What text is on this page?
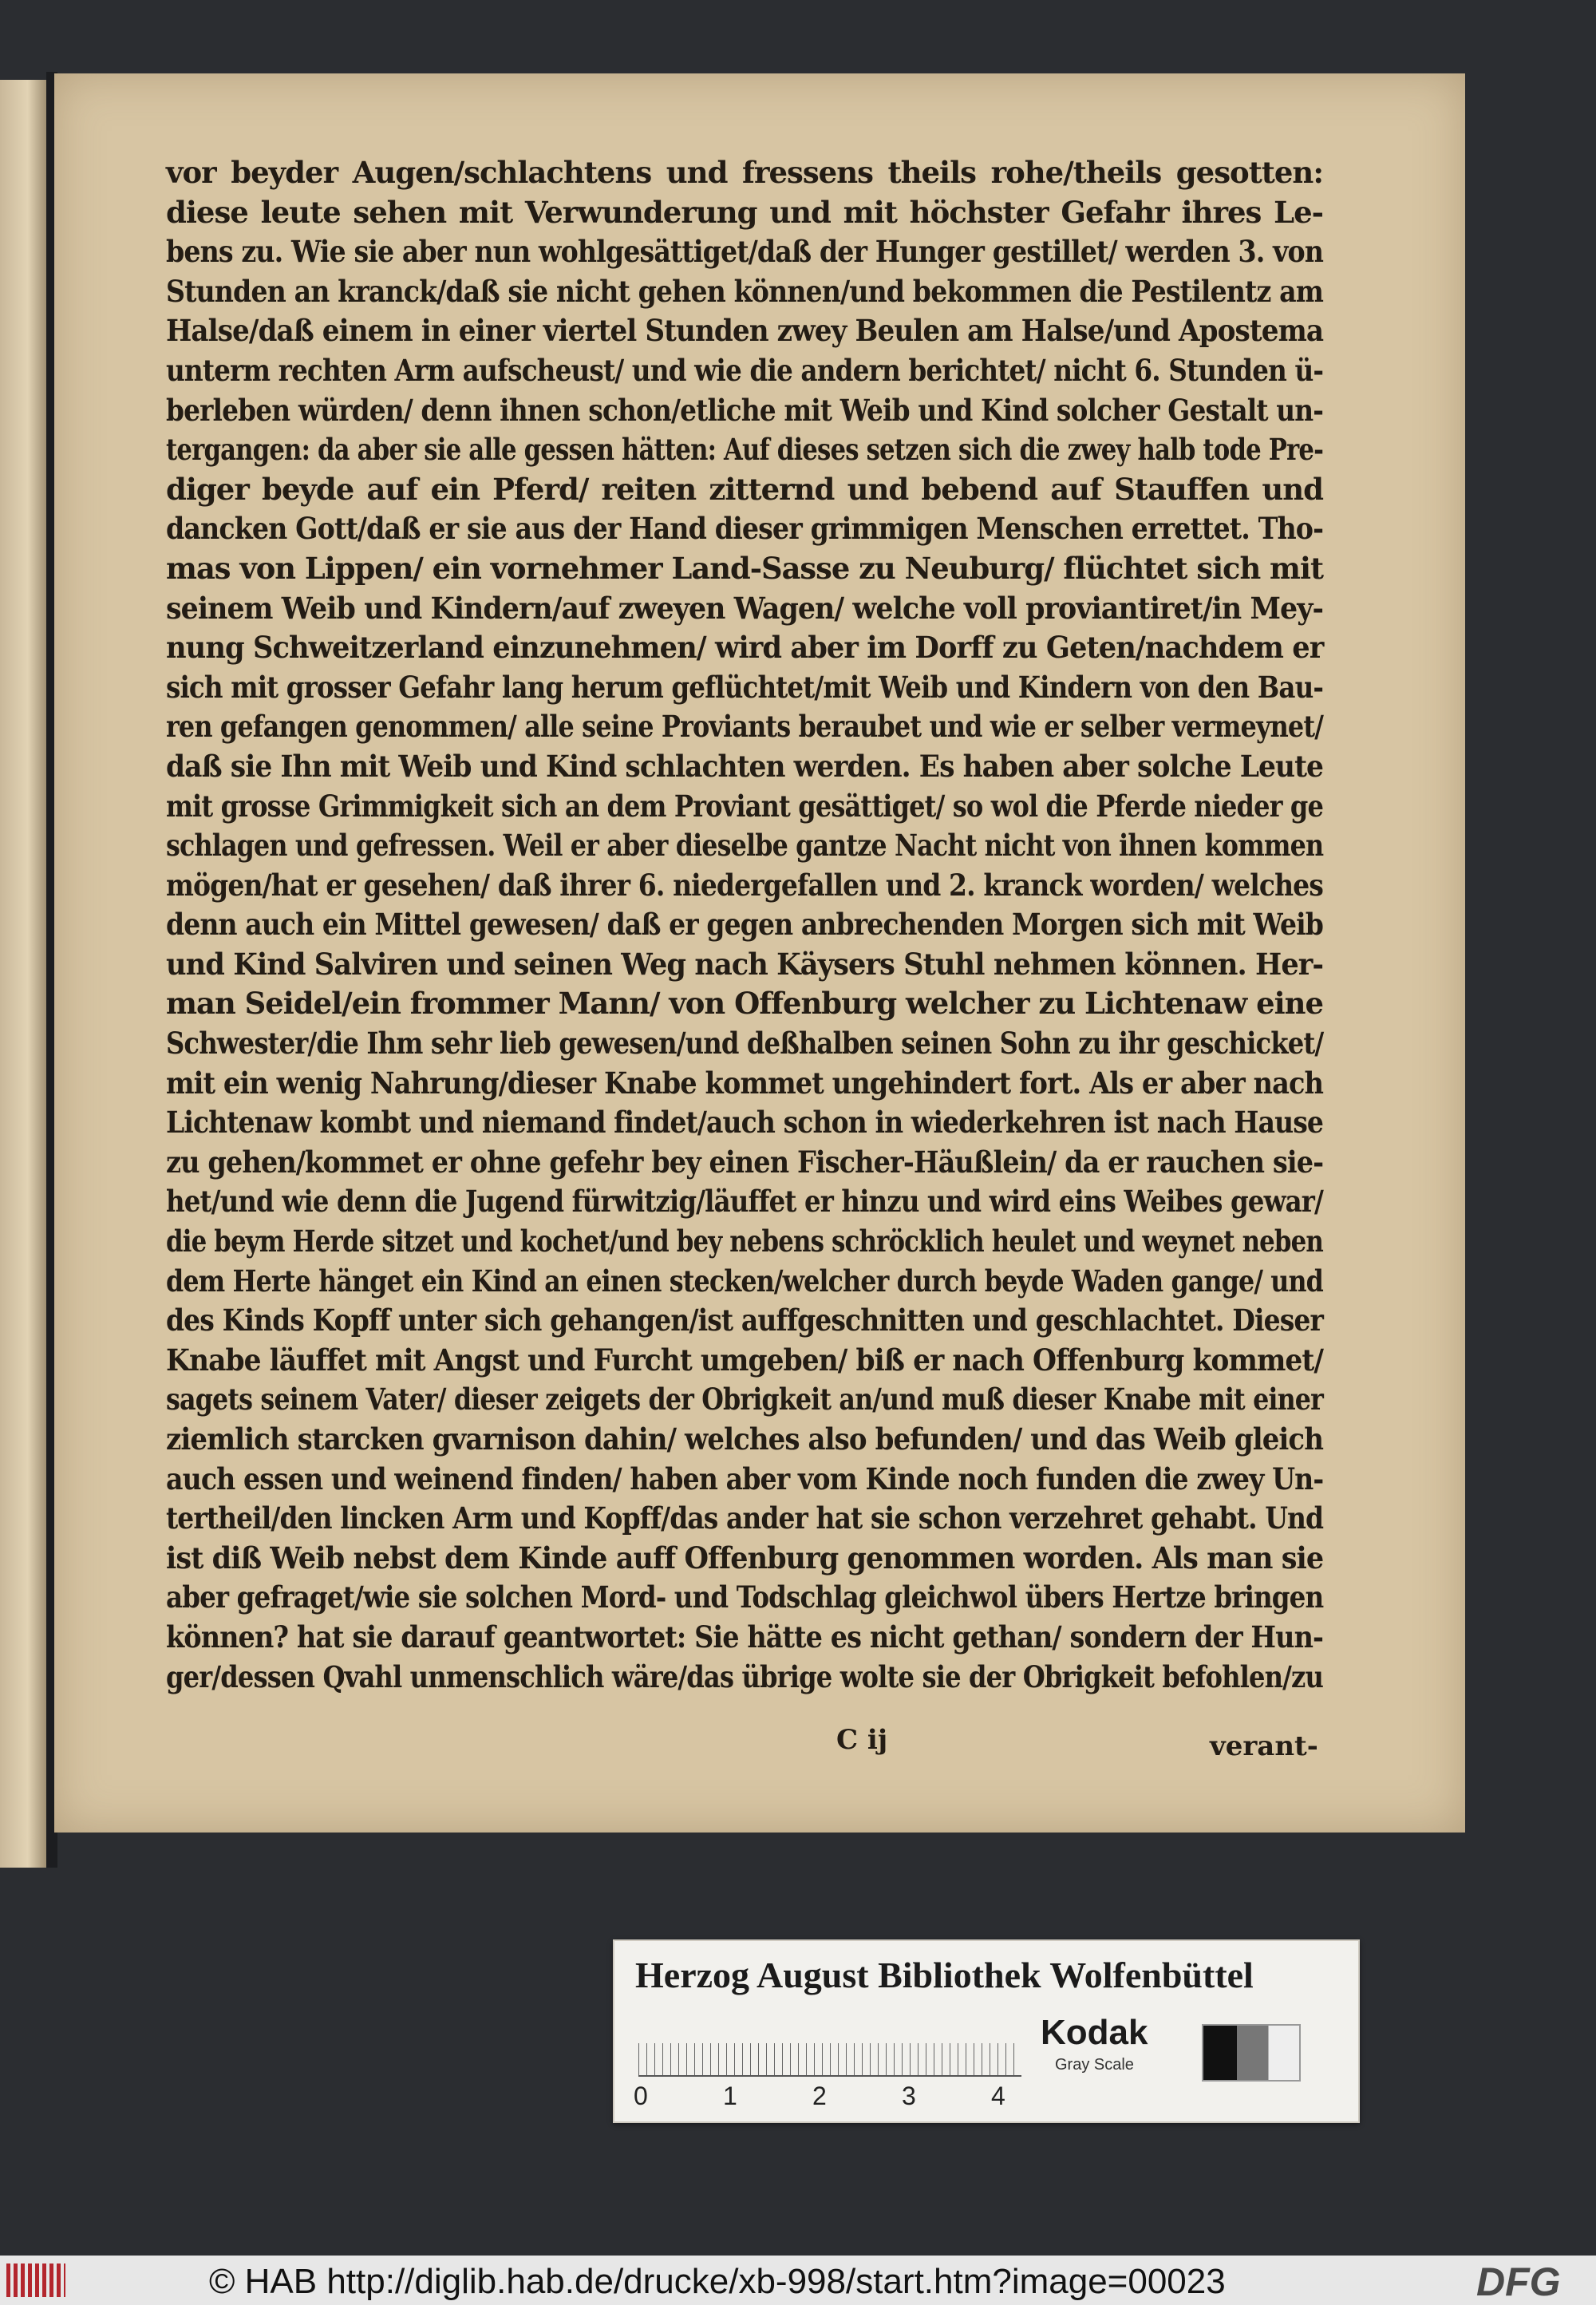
vor beyder Augen/schlachtens und fressens theils rohe/theils gesotten:
diese leute sehen mit Verwunderung und mit höchster Gefahr ihres Le-
bens zu. Wie sie aber nun wohlgesättiget/daß der Hunger gestillet/ werden 3. von
Stunden an kranck/daß sie nicht gehen können/und bekommen die Pestilentz am
Halse/daß einem in einer viertel Stunden zwey Beulen am Halse/und Apostema
unterm rechten Arm aufscheust/ und wie die andern berichtet/ nicht 6. Stunden ü-
berleben würden/ denn ihnen schon/etliche mit Weib und Kind solcher Gestalt un-
tergangen: da aber sie alle gessen hätten: Auf dieses setzen sich die zwey halb tode Pre-
diger beyde auf ein Pferd/ reiten zitternd und bebend auf Stauffen und
dancken Gott/daß er sie aus der Hand dieser grimmigen Menschen errettet. Tho-
mas von Lippen/ ein vornehmer Land-Sasse zu Neuburg/ flüchtet sich mit
seinem Weib und Kindern/auf zweyen Wagen/ welche voll proviantiret/in Mey-
nung Schweitzerland einzunehmen/ wird aber im Dorff zu Geten/nachdem er
sich mit grosser Gefahr lang herum geflüchtet/mit Weib und Kindern von den Bau-
ren gefangen genommen/ alle seine Proviants beraubet und wie er selber vermeynet/
daß sie Ihn mit Weib und Kind schlachten werden. Es haben aber solche Leute
mit grosse Grimmigkeit sich an dem Proviant gesättiget/ so wol die Pferde nieder ge
schlagen und gefressen. Weil er aber dieselbe gantze Nacht nicht von ihnen kommen
mögen/hat er gesehen/ daß ihrer 6. niedergefallen und 2. kranck worden/ welches
denn auch ein Mittel gewesen/ daß er gegen anbrechenden Morgen sich mit Weib
und Kind Salviren und seinen Weg nach Käysers Stuhl nehmen können. Her-
man Seidel/ein frommer Mann/ von Offenburg welcher zu Lichtenaw eine
Schwester/die Ihm sehr lieb gewesen/und deßhalben seinen Sohn zu ihr geschicket/
mit ein wenig Nahrung/dieser Knabe kommet ungehindert fort. Als er aber nach
Lichtenaw kombt und niemand findet/auch schon in wiederkehren ist nach Hause
zu gehen/kommet er ohne gefehr bey einen Fischer-Häußlein/ da er rauchen sie-
het/und wie denn die Jugend fürwitzig/läuffet er hinzu und wird eins Weibes gewar/
die beym Herde sitzet und kochet/und bey nebens schröcklich heulet und weynet neben
dem Herte hänget ein Kind an einen stecken/welcher durch beyde Waden gange/ und
des Kinds Kopff unter sich gehangen/ist auffgeschnitten und geschlachtet. Dieser
Knabe läuffet mit Angst und Furcht umgeben/ biß er nach Offenburg kommet/
sagets seinem Vater/ dieser zeigets der Obrigkeit an/und muß dieser Knabe mit einer
ziemlich starcken gvarnison dahin/ welches also befunden/ und das Weib gleich
auch essen und weinend finden/ haben aber vom Kinde noch funden die zwey Un-
tertheil/den lincken Arm und Kopff/das ander hat sie schon verzehret gehabt. Und
ist diß Weib nebst dem Kinde auff Offenburg genommen worden. Als man sie
aber gefraget/wie sie solchen Mord- und Todschlag gleichwol übers Hertze bringen
können? hat sie darauf geantwortet: Sie hätte es nicht gethan/ sondern der Hun-
ger/dessen Qvahl unmenschlich wäre/das übrige wolte sie der Obrigkeit befohlen/zu
C ij	verant-
Herzog August Bibliothek Wolfenbüttel
0	1	2	3	4
Kodak
Gray Scale
© HAB http://diglib.hab.de/drucke/xb-998/start.htm?image=00023	DFG
